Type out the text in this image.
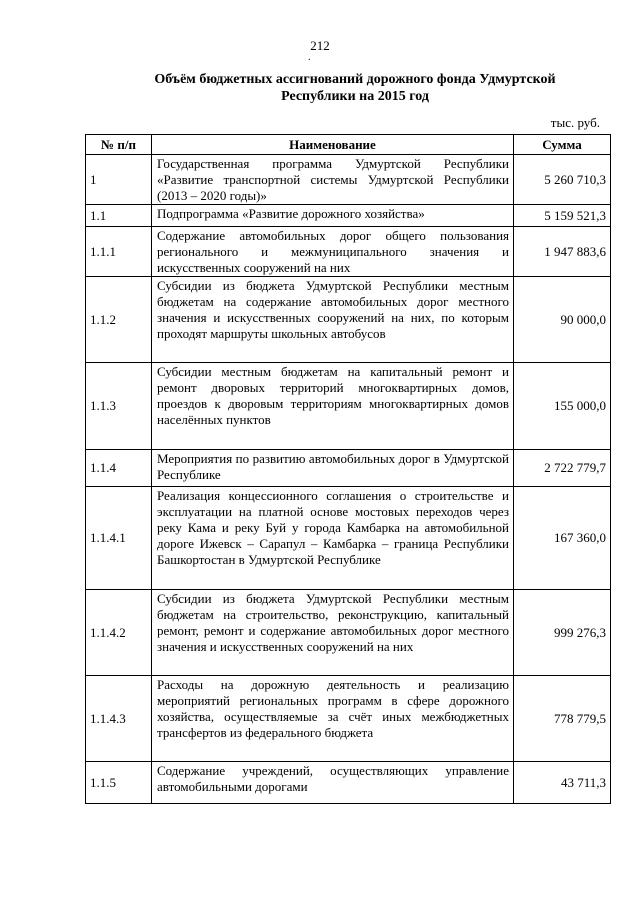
212
.
Объём бюджетных ассигнований дорожного фонда Удмуртской
Республики на 2015 год
тыс. руб.
№ п/п	Наименование	Сумма
1	Государственная программа Удмуртской Республики «Развитие транспортной системы Удмуртской Республики (2013 – 2020 годы)»	5 260 710,3
1.1	Подпрограмма «Развитие дорожного хозяйства»	5 159 521,3
1.1.1	Содержание автомобильных дорог общего пользования регионального и межмуниципального значения и искусственных сооружений на них	1 947 883,6
1.1.2	Субсидии из бюджета Удмуртской Республики местным бюджетам на содержание автомобильных дорог местного значения и искусственных сооружений на них, по которым проходят маршруты школьных автобусов	90 000,0
1.1.3	Субсидии местным бюджетам на капитальный ремонт и ремонт дворовых территорий многоквартирных домов, проездов к дворовым территориям многоквартирных домов населённых пунктов	155 000,0
1.1.4	Мероприятия по развитию автомобильных дорог в Удмуртской Республике	2 722 779,7
1.1.4.1	Реализация концессионного соглашения о строительстве и эксплуатации на платной основе мостовых переходов через реку Кама и реку Буй у города Камбарка на автомобильной дороге Ижевск – Сарапул – Камбарка – граница Республики Башкортостан в Удмуртской Республике	167 360,0
1.1.4.2	Субсидии из бюджета Удмуртской Республики местным бюджетам на строительство, реконструкцию, капитальный ремонт, ремонт и содержание автомобильных дорог местного значения и искусственных сооружений на них	999 276,3
1.1.4.3	Расходы на дорожную деятельность и реализацию мероприятий региональных программ в сфере дорожного хозяйства, осуществляемые за счёт иных межбюджетных трансфертов из федерального бюджета	778 779,5
1.1.5	Содержание учреждений, осуществляющих управление автомобильными дорогами	43 711,3
